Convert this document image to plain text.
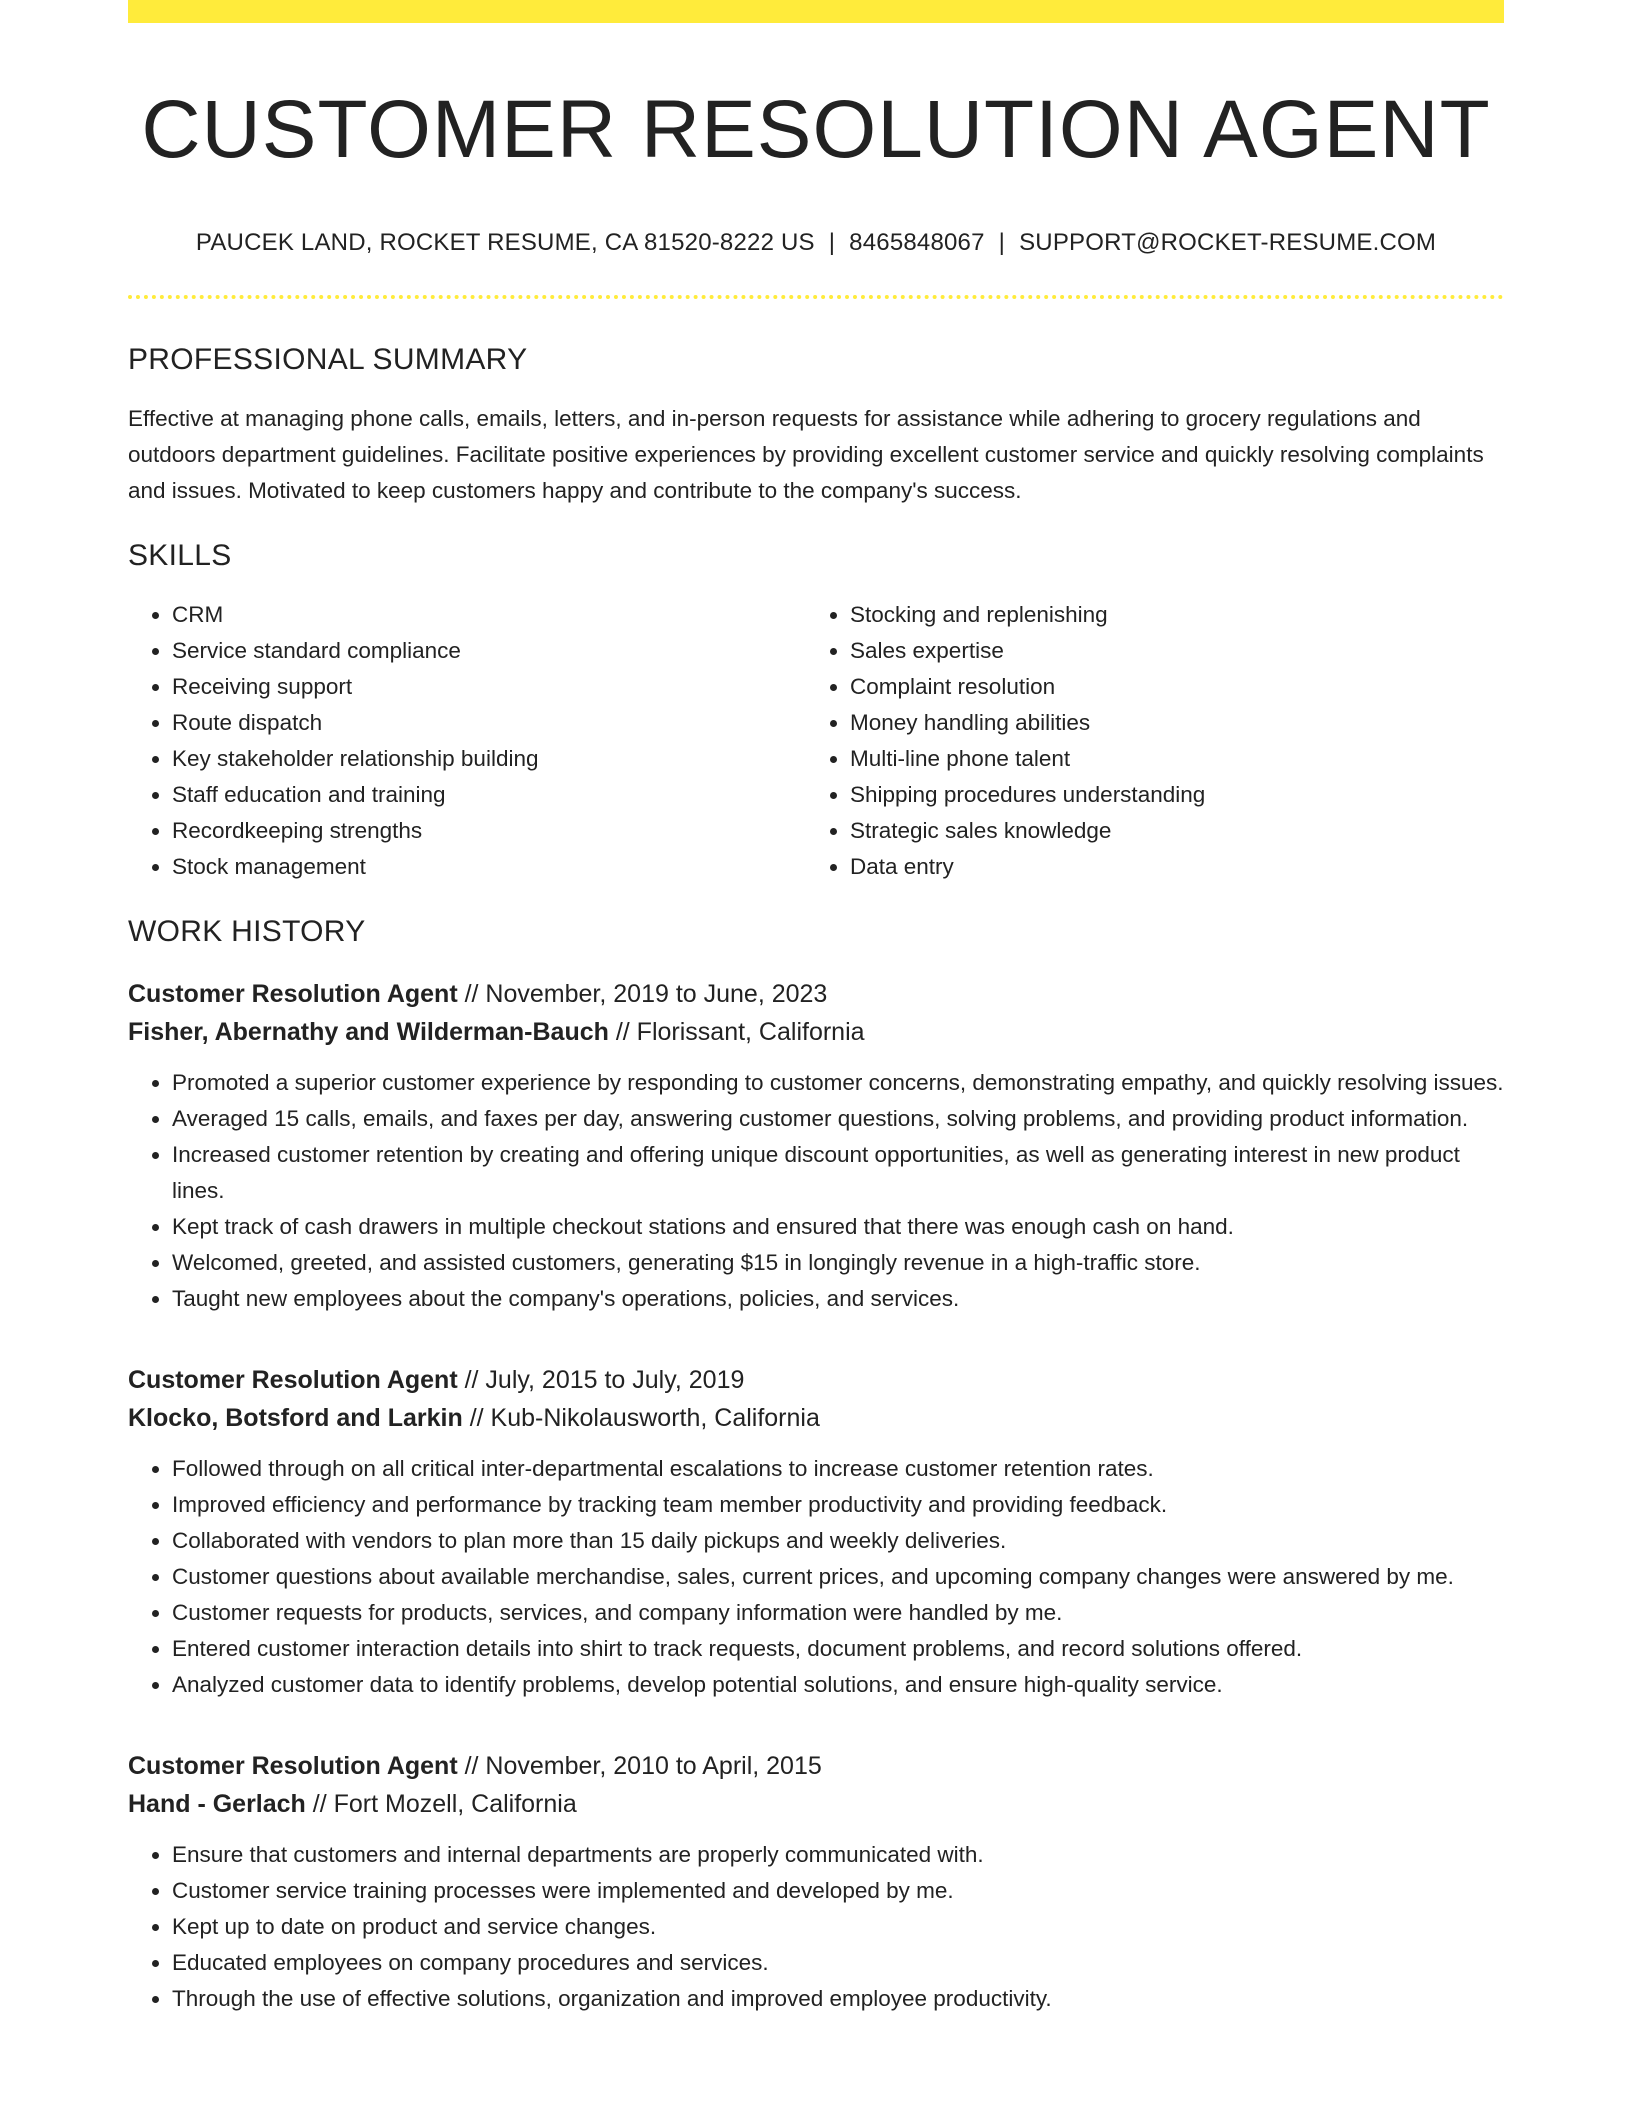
CUSTOMER RESOLUTION AGENT
PAUCEK LAND, ROCKET RESUME, CA 81520-8222 US | 8465848067 | SUPPORT@ROCKET-RESUME.COM
PROFESSIONAL SUMMARY

Effective at managing phone calls, emails, letters, and in-person requests for assistance while adhering to grocery regulations and outdoors department guidelines. Facilitate positive experiences by providing excellent customer service and quickly resolving complaints and issues. Motivated to keep customers happy and contribute to the company's success.

SKILLS
• CRM
• Service standard compliance
• Receiving support
• Route dispatch
• Key stakeholder relationship building
• Staff education and training
• Recordkeeping strengths
• Stock management
• Stocking and replenishing
• Sales expertise
• Complaint resolution
• Money handling abilities
• Multi-line phone talent
• Shipping procedures understanding
• Strategic sales knowledge
• Data entry
WORK HISTORY
Customer Resolution Agent // November, 2019 to June, 2023
Fisher, Abernathy and Wilderman-Bauch // Florissant, California
• Promoted a superior customer experience by responding to customer concerns, demonstrating empathy, and quickly resolving issues.
• Averaged 15 calls, emails, and faxes per day, answering customer questions, solving problems, and providing product information.
• Increased customer retention by creating and offering unique discount opportunities, as well as generating interest in new product lines.
• Kept track of cash drawers in multiple checkout stations and ensured that there was enough cash on hand.
• Welcomed, greeted, and assisted customers, generating $15 in longingly revenue in a high-traffic store.
• Taught new employees about the company's operations, policies, and services.
Customer Resolution Agent // July, 2015 to July, 2019
Klocko, Botsford and Larkin // Kub-Nikolausworth, California
• Followed through on all critical inter-departmental escalations to increase customer retention rates.
• Improved efficiency and performance by tracking team member productivity and providing feedback.
• Collaborated with vendors to plan more than 15 daily pickups and weekly deliveries.
• Customer questions about available merchandise, sales, current prices, and upcoming company changes were answered by me.
• Customer requests for products, services, and company information were handled by me.
• Entered customer interaction details into shirt to track requests, document problems, and record solutions offered.
• Analyzed customer data to identify problems, develop potential solutions, and ensure high-quality service.
Customer Resolution Agent // November, 2010 to April, 2015
Hand - Gerlach // Fort Mozell, California
• Ensure that customers and internal departments are properly communicated with.
• Customer service training processes were implemented and developed by me.
• Kept up to date on product and service changes.
• Educated employees on company procedures and services.
• Through the use of effective solutions, organization and improved employee productivity.
